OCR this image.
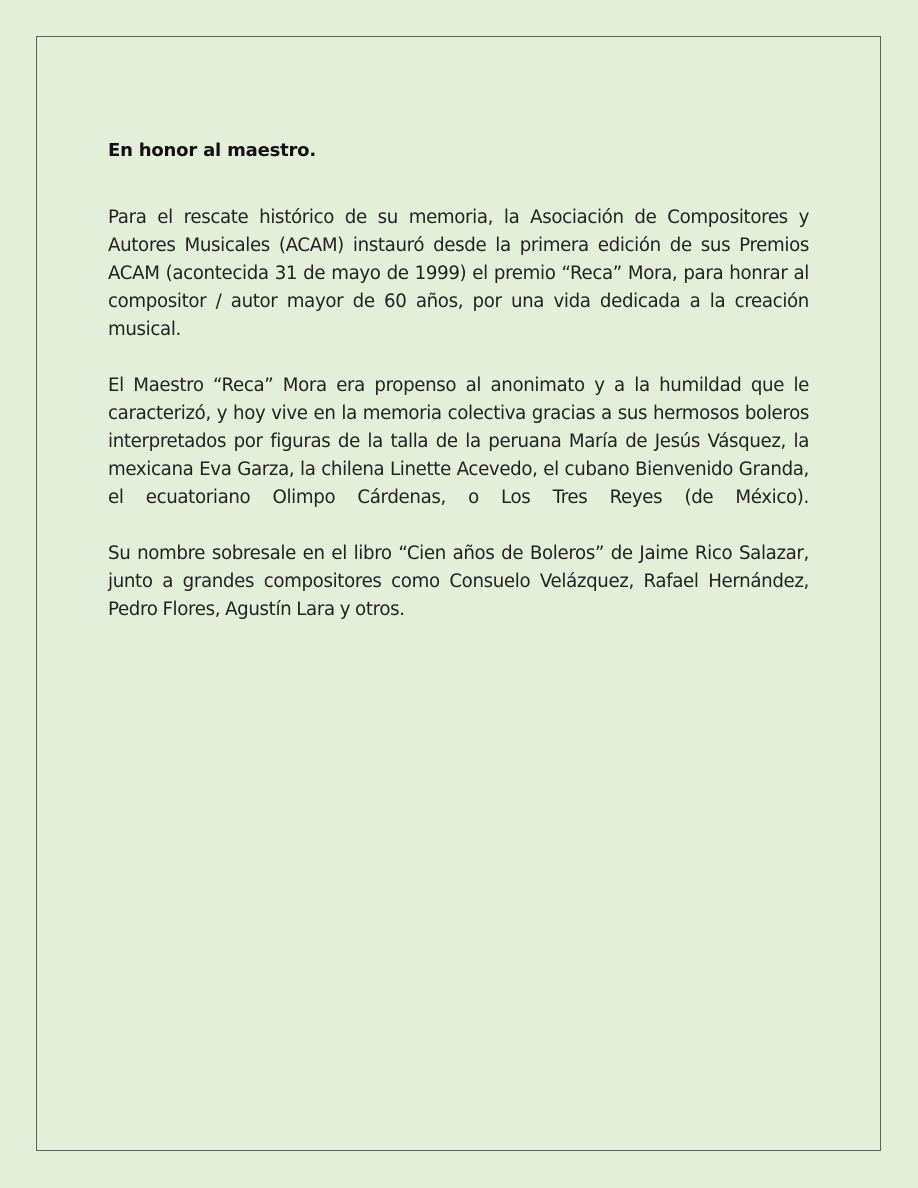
En honor al maestro.

Para el rescate histórico de su memoria, la Asociación de Compositores y Autores Musicales (ACAM) instauró desde la primera edición de sus Premios ACAM (acontecida 31 de mayo de 1999) el premio “Reca” Mora, para honrar al compositor / autor mayor de 60 años, por una vida dedicada a la creación musical.

El Maestro “Reca” Mora era propenso al anonimato y a la humildad que le caracterizó, y hoy vive en la memoria colectiva gracias a sus hermosos boleros interpretados por figuras de la talla de la peruana María de Jesús Vásquez, la mexicana Eva Garza, la chilena Linette Acevedo, el cubano Bienvenido Granda, el ecuatoriano Olimpo Cárdenas, o Los Tres Reyes (de México).

Su nombre sobresale en el libro “Cien años de Boleros” de Jaime Rico Salazar, junto a grandes compositores como Consuelo Velázquez, Rafael Hernández, Pedro Flores, Agustín Lara y otros.
